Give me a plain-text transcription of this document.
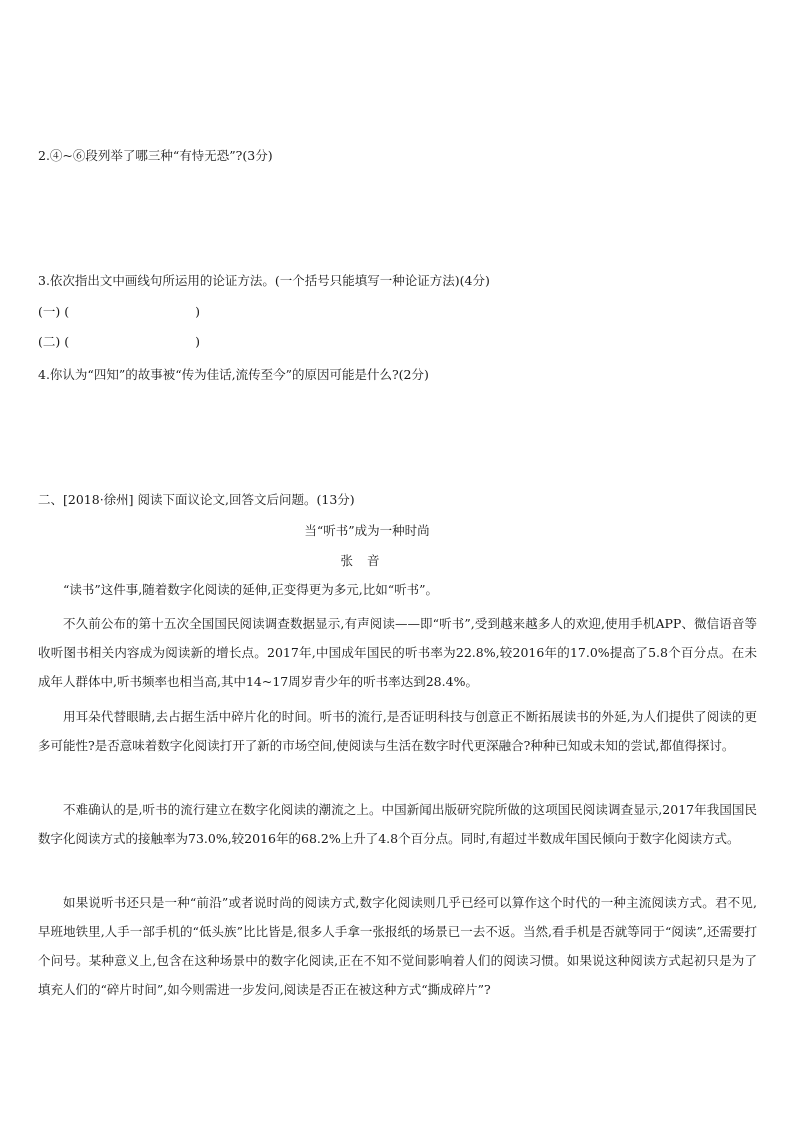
2.④~⑥段列举了哪三种“有恃无恐”?(3分)
3.依次指出文中画线句所运用的论证方法。(一个括号只能填写一种论证方法)(4分)
(一) (	)
(二) (	)
4.你认为“四知”的故事被“传为佳话,流传至今”的原因可能是什么?(2分)
二、[2018·徐州] 阅读下面议论文,回答文后问题。(13分)
当“听书”成为一种时尚
张音
“读书”这件事,随着数字化阅读的延伸,正变得更为多元,比如“听书”。
不久前公布的第十五次全国国民阅读调查数据显示,有声阅读——即“听书”,受到越来越多人的欢迎,使用手机APP、微信语音等收听图书相关内容成为阅读新的增长点。2017年,中国成年国民的听书率为22.8%,较2016年的17.0%提高了5.8个百分点。在未成年人群体中,听书频率也相当高,其中14~17周岁青少年的听书率达到28.4%。
用耳朵代替眼睛,去占据生活中碎片化的时间。听书的流行,是否证明科技与创意正不断拓展读书的外延,为人们提供了阅读的更多可能性?是否意味着数字化阅读打开了新的市场空间,使阅读与生活在数字时代更深融合?种种已知或未知的尝试,都值得探讨。
不难确认的是,听书的流行建立在数字化阅读的潮流之上。中国新闻出版研究院所做的这项国民阅读调查显示,2017年我国国民数字化阅读方式的接触率为73.0%,较2016年的68.2%上升了4.8个百分点。同时,有超过半数成年国民倾向于数字化阅读方式。
如果说听书还只是一种“前沿”或者说时尚的阅读方式,数字化阅读则几乎已经可以算作这个时代的一种主流阅读方式。君不见,早班地铁里,人手一部手机的“低头族”比比皆是,很多人手拿一张报纸的场景已一去不返。当然,看手机是否就等同于“阅读”,还需要打个问号。某种意义上,包含在这种场景中的数字化阅读,正在不知不觉间影响着人们的阅读习惯。如果说这种阅读方式起初只是为了填充人们的“碎片时间”,如今则需进一步发问,阅读是否正在被这种方式“撕成碎片”?
